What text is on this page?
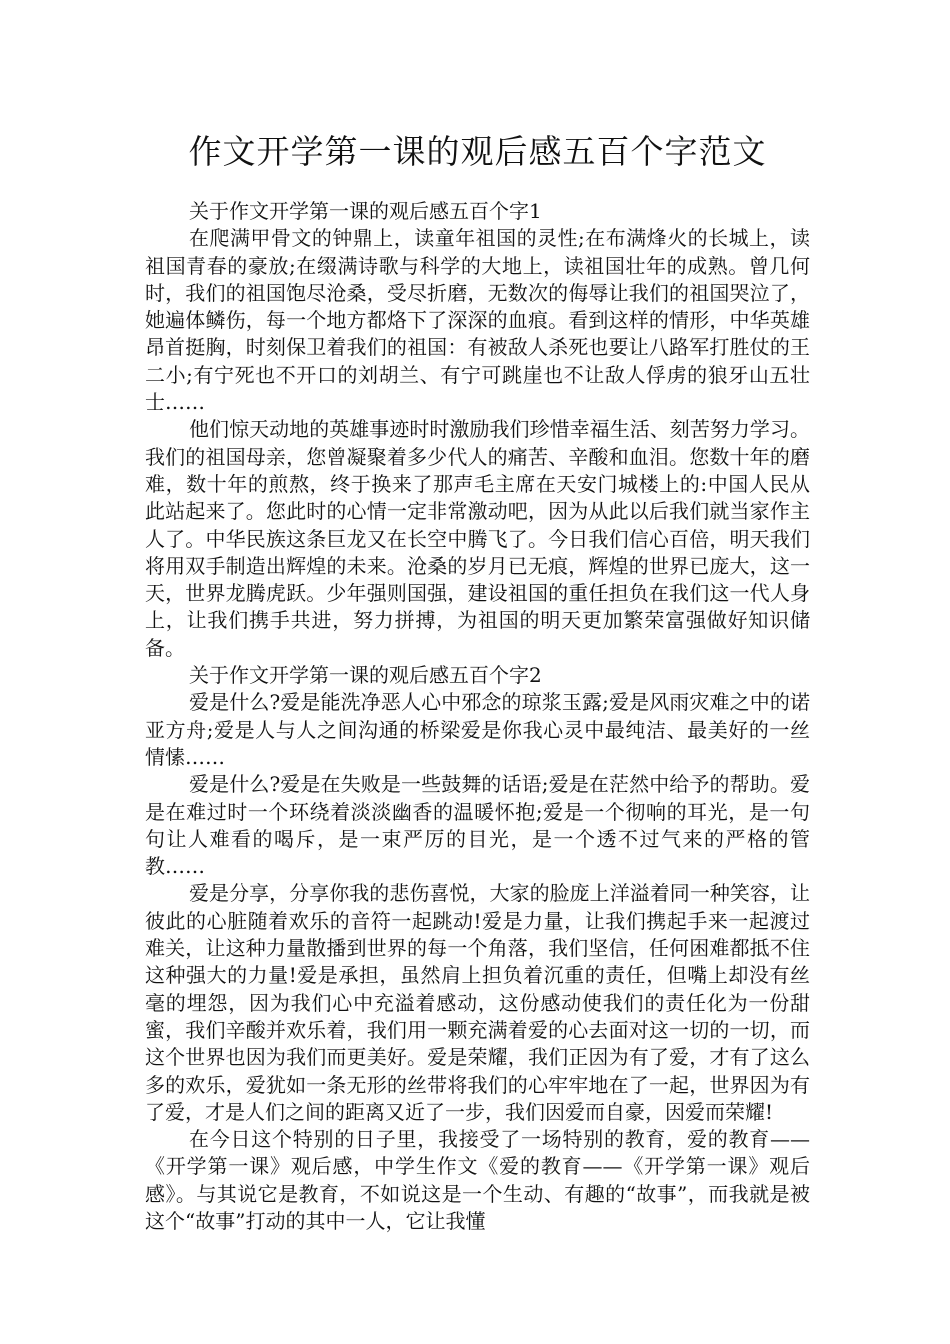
作文开学第一课的观后感五百个字范文

关于作文开学第一课的观后感五百个字1

在爬满甲骨文的钟鼎上，读童年祖国的灵性;在布满烽火的长城上，读祖国青春的豪放;在缀满诗歌与科学的大地上，读祖国壮年的成熟。曾几何时，我们的祖国饱尽沧桑，受尽折磨，无数次的侮辱让我们的祖国哭泣了，她遍体鳞伤，每一个地方都烙下了深深的血痕。看到这样的情形，中华英雄昂首挺胸，时刻保卫着我们的祖国：有被敌人杀死也要让八路军打胜仗的王二小;有宁死也不开口的刘胡兰、有宁可跳崖也不让敌人俘虏的狼牙山五壮士……

他们惊天动地的英雄事迹时时激励我们珍惜幸福生活、刻苦努力学习。我们的祖国母亲，您曾凝聚着多少代人的痛苦、辛酸和血泪。您数十年的磨难，数十年的煎熬，终于换来了那声毛主席在天安门城楼上的:中国人民从此站起来了。您此时的心情一定非常激动吧，因为从此以后我们就当家作主人了。中华民族这条巨龙又在长空中腾飞了。今日我们信心百倍，明天我们将用双手制造出辉煌的未来。沧桑的岁月已无痕，辉煌的世界已庞大，这一天，世界龙腾虎跃。少年强则国强，建设祖国的重任担负在我们这一代人身上，让我们携手共进，努力拼搏，为祖国的明天更加繁荣富强做好知识储备。

关于作文开学第一课的观后感五百个字2

爱是什么?爱是能洗净恶人心中邪念的琼浆玉露;爱是风雨灾难之中的诺亚方舟;爱是人与人之间沟通的桥梁爱是你我心灵中最纯洁、最美好的一丝情愫……

爱是什么?爱是在失败是一些鼓舞的话语;爱是在茫然中给予的帮助。爱是在难过时一个环绕着淡淡幽香的温暖怀抱;爱是一个彻响的耳光，是一句句让人难看的喝斥，是一束严厉的目光，是一个透不过气来的严格的管教……

爱是分享，分享你我的悲伤喜悦，大家的脸庞上洋溢着同一种笑容，让彼此的心脏随着欢乐的音符一起跳动!爱是力量，让我们携起手来一起渡过难关，让这种力量散播到世界的每一个角落，我们坚信，任何困难都抵不住这种强大的力量!爱是承担，虽然肩上担负着沉重的责任，但嘴上却没有丝毫的埋怨，因为我们心中充溢着感动，这份感动使我们的责任化为一份甜蜜，我们辛酸并欢乐着，我们用一颗充满着爱的心去面对这一切的一切，而这个世界也因为我们而更美好。爱是荣耀，我们正因为有了爱，才有了这么多的欢乐，爱犹如一条无形的丝带将我们的心牢牢地在了一起，世界因为有了爱，才是人们之间的距离又近了一步，我们因爱而自豪，因爱而荣耀!

在今日这个特别的日子里，我接受了一场特别的教育，爱的教育——《开学第一课》观后感，中学生作文《爱的教育——《开学第一课》观后感》。与其说它是教育，不如说这是一个生动、有趣的“故事”，而我就是被这个“故事”打动的其中一人，它让我懂
